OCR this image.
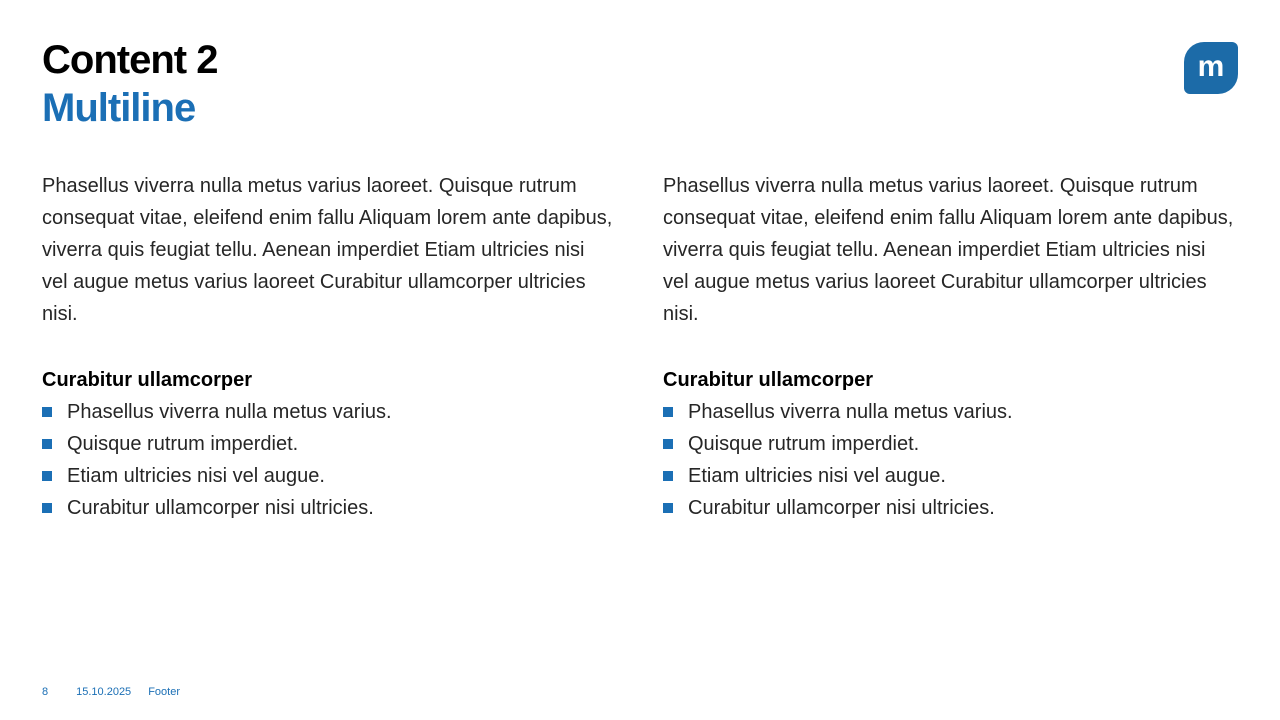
Content 2
Multiline
m
Phasellus viverra nulla metus varius laoreet. Quisque rutrum consequat vitae, eleifend enim fallu Aliquam lorem ante dapibus, viverra quis feugiat tellu. Aenean imperdiet Etiam ultricies nisi vel augue metus varius laoreet Curabitur ullamcorper ultricies nisi.
Curabitur ullamcorper
Phasellus viverra nulla metus varius.
Quisque rutrum imperdiet.
Etiam ultricies nisi vel augue.
Curabitur ullamcorper nisi ultricies.
Phasellus viverra nulla metus varius laoreet. Quisque rutrum consequat vitae, eleifend enim fallu Aliquam lorem ante dapibus, viverra quis feugiat tellu. Aenean imperdiet Etiam ultricies nisi vel augue metus varius laoreet Curabitur ullamcorper ultricies nisi.
Curabitur ullamcorper
Phasellus viverra nulla metus varius.
Quisque rutrum imperdiet.
Etiam ultricies nisi vel augue.
Curabitur ullamcorper nisi ultricies.
8	15.10.2025 Footer
